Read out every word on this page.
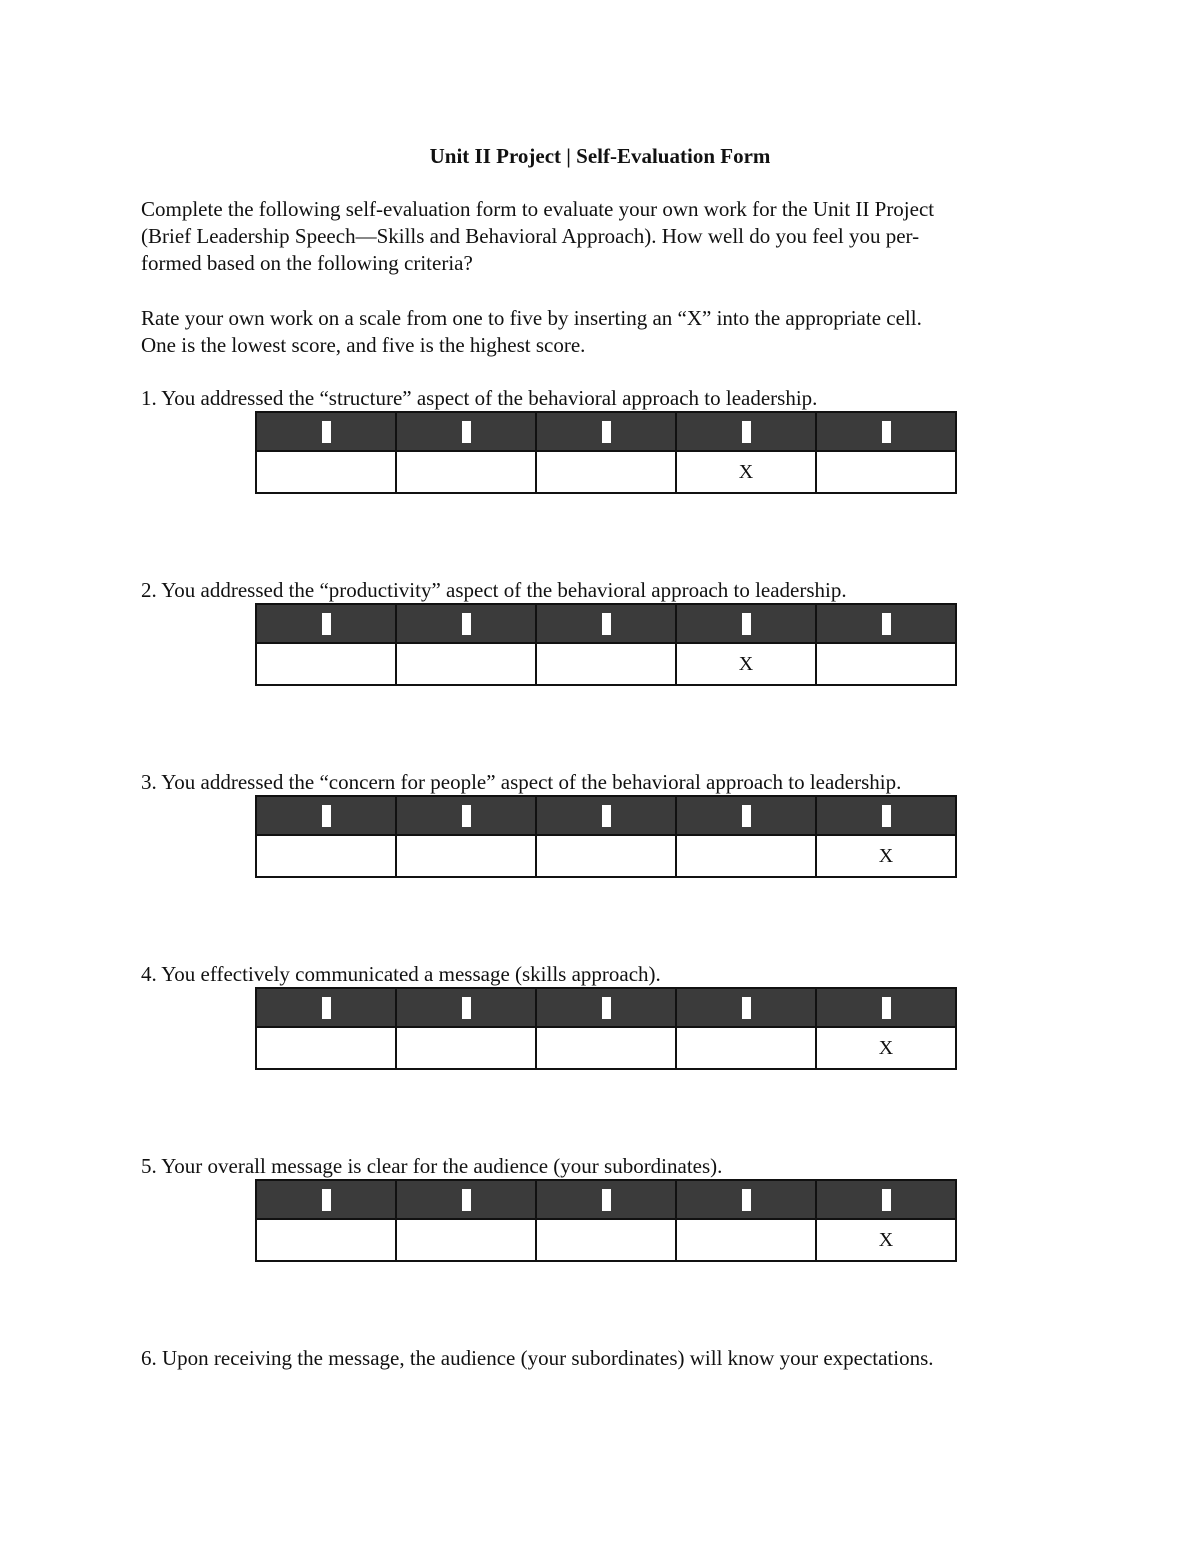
Unit II Project | Self-Evaluation Form
Complete the following self-evaluation form to evaluate your own work for the Unit II Project
(Brief Leadership Speech—Skills and Behavioral Approach). How well do you feel you per-
formed based on the following criteria?
Rate your own work on a scale from one to five by inserting an “X” into the appropriate cell.
One is the lowest score, and five is the highest score.
1. You addressed the “structure” aspect of the behavioral approach to leadership.

			X	
2. You addressed the “productivity” aspect of the behavioral approach to leadership.

			X	
3. You addressed the “concern for people” aspect of the behavioral approach to leadership.

				X
4. You effectively communicated a message (skills approach).

				X
5. Your overall message is clear for the audience (your subordinates).

				X
6. Upon receiving the message, the audience (your subordinates) will know your expectations.
